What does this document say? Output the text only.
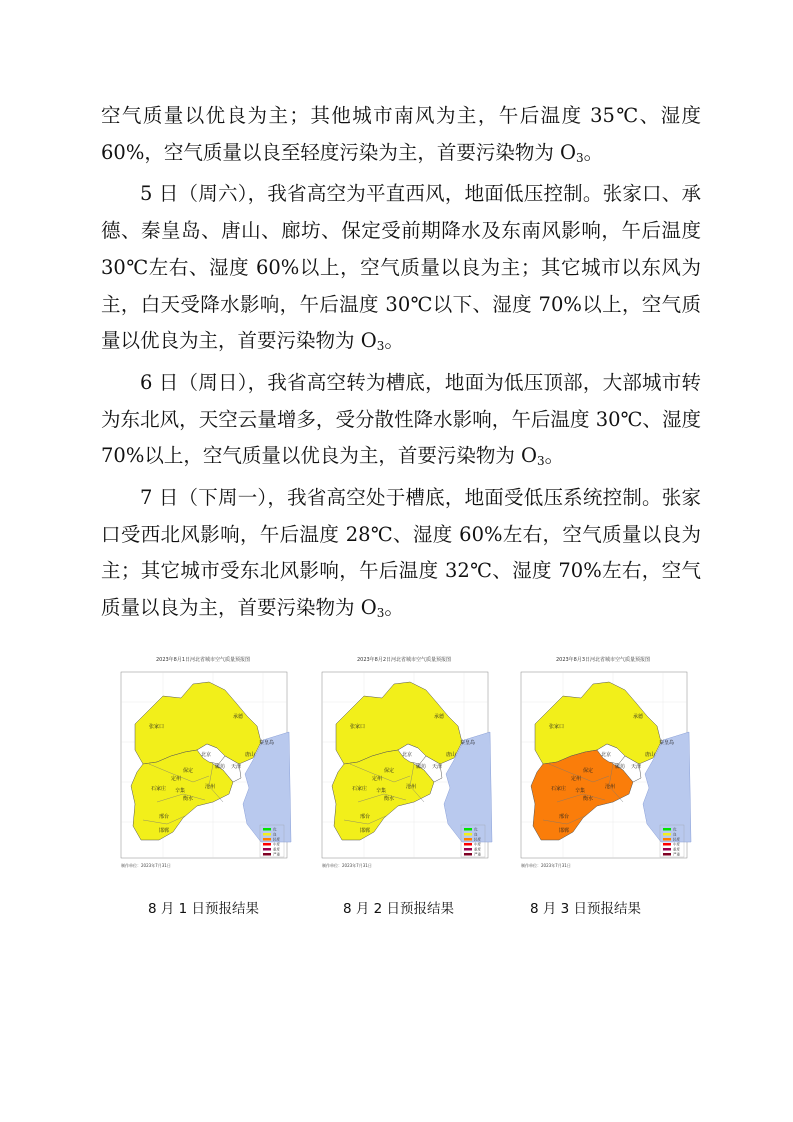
空气质量以优良为主；其他城市南风为主，午后温度 35℃、湿度 60%，空气质量以良至轻度污染为主，首要污染物为 $O_3$。

5 日（周六），我省高空为平直西风，地面低压控制。张家口、承德、秦皇岛、唐山、廊坊、保定受前期降水及东南风影响，午后温度 30℃左右、湿度 60%以上，空气质量以良为主；其它城市以东风为主，白天受降水影响，午后温度 30℃以下、湿度 70%以上，空气质量以优良为主，首要污染物为 $O_3$。

6 日（周日），我省高空转为槽底，地面为低压顶部，大部城市转为东北风，天空云量增多，受分散性降水影响，午后温度 30℃、湿度 70%以上，空气质量以优良为主，首要污染物为 $O_3$。

7 日（下周一），我省高空处于槽底，地面受低压系统控制。张家口受西北风影响，午后温度 28℃、湿度 60%左右，空气质量以良为主；其它城市受东北风影响，午后温度 32℃、湿度 70%左右，空气质量以良为主，首要污染物为 $O_3$。

2023年8月1日河北省城市空气质量预报图
张家口
承德
北京
天津
秦皇岛
唐山
廊坊
保定
沧州
石家庄
衡水
邢台
邯郸
定州
辛集
优
良
轻度
中度
重度
严重
制作单位：2023年7月31日
2023年8月2日河北省城市空气质量预报图
张家口
承德
北京
天津
秦皇岛
唐山
廊坊
保定
沧州
石家庄
衡水
邢台
邯郸
定州
辛集
优
良
轻度
中度
重度
严重
制作单位：2023年7月31日
2023年8月3日河北省城市空气质量预报图
张家口
承德
北京
天津
秦皇岛
唐山
廊坊
保定
沧州
石家庄
衡水
邢台
邯郸
定州
辛集
优
良
轻度
中度
重度
严重
制作单位：2023年7月31日
8 月 1 日预报结果	8 月 2 日预报结果	8 月 3 日预报结果
